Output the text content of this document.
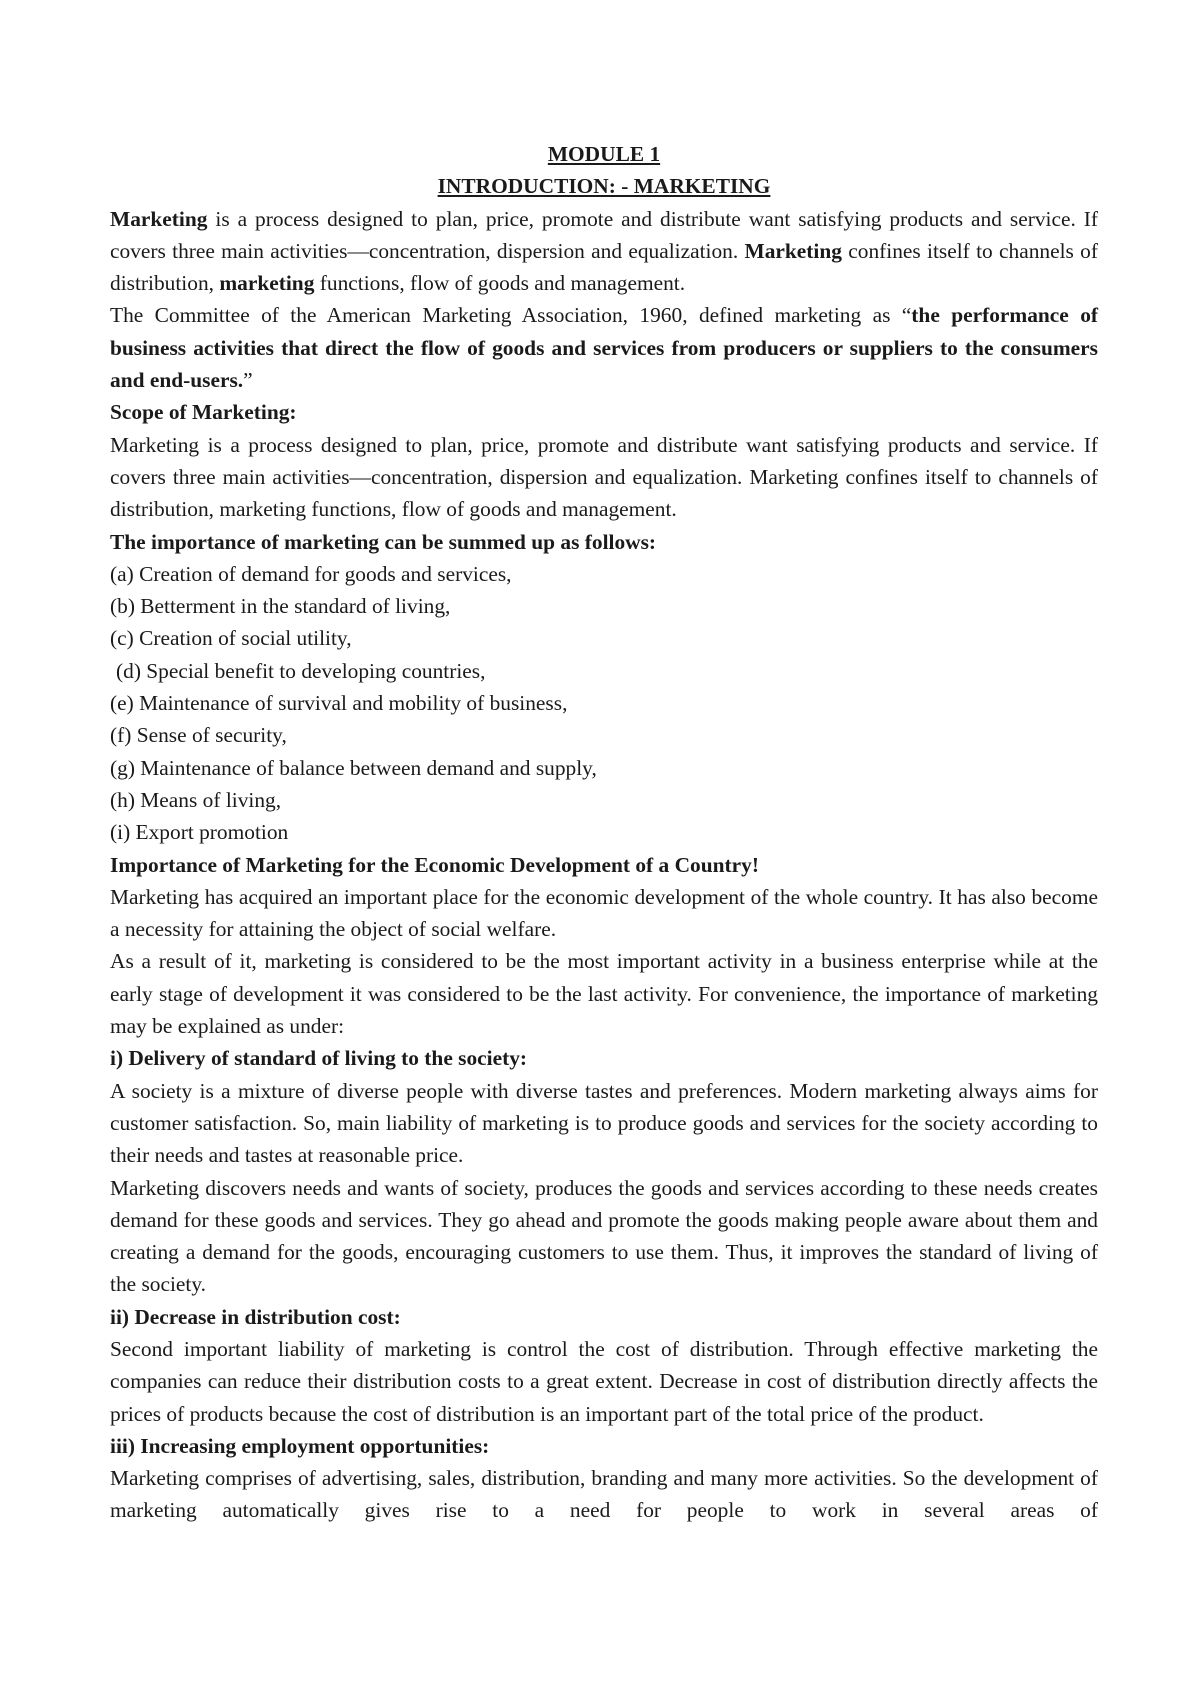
MODULE 1
INTRODUCTION: - MARKETING

Marketing is a process designed to plan, price, promote and distribute want satisfying products and service. If covers three main activities—concentration, dispersion and equalization. Marketing confines itself to channels of distribution, marketing functions, flow of goods and management.

The Committee of the American Marketing Association, 1960, defined marketing as “the performance of business activities that direct the flow of goods and services from producers or suppliers to the consumers and end-users.”

Scope of Marketing:

Marketing is a process designed to plan, price, promote and distribute want satisfying products and service. If covers three main activities—concentration, dispersion and equalization. Marketing confines itself to channels of distribution, marketing functions, flow of goods and management.

The importance of marketing can be summed up as follows:
(a) Creation of demand for goods and services,
(b) Betterment in the standard of living,
(c) Creation of social utility,
(d) Special benefit to developing countries,
(e) Maintenance of survival and mobility of business,
(f) Sense of security,
(g) Maintenance of balance between demand and supply,
(h) Means of living,
(i) Export promotion
Importance of Marketing for the Economic Development of a Country!

Marketing has acquired an important place for the economic development of the whole country. It has also become a necessity for attaining the object of social welfare.

As a result of it, marketing is considered to be the most important activity in a business enterprise while at the early stage of development it was considered to be the last activity. For convenience, the importance of marketing may be explained as under:

i) Delivery of standard of living to the society:

A society is a mixture of diverse people with diverse tastes and preferences. Modern marketing always aims for customer satisfaction. So, main liability of marketing is to produce goods and services for the society according to their needs and tastes at reasonable price.

Marketing discovers needs and wants of society, produces the goods and services according to these needs creates demand for these goods and services. They go ahead and promote the goods making people aware about them and creating a demand for the goods, encouraging customers to use them. Thus, it improves the standard of living of the society.

ii) Decrease in distribution cost:

Second important liability of marketing is control the cost of distribution. Through effective marketing the companies can reduce their distribution costs to a great extent. Decrease in cost of distribution directly affects the prices of products because the cost of distribution is an important part of the total price of the product.

iii) Increasing employment opportunities:

Marketing comprises of advertising, sales, distribution, branding and many more activities. So the development of marketing automatically gives rise to a need for people to work in several areas of
